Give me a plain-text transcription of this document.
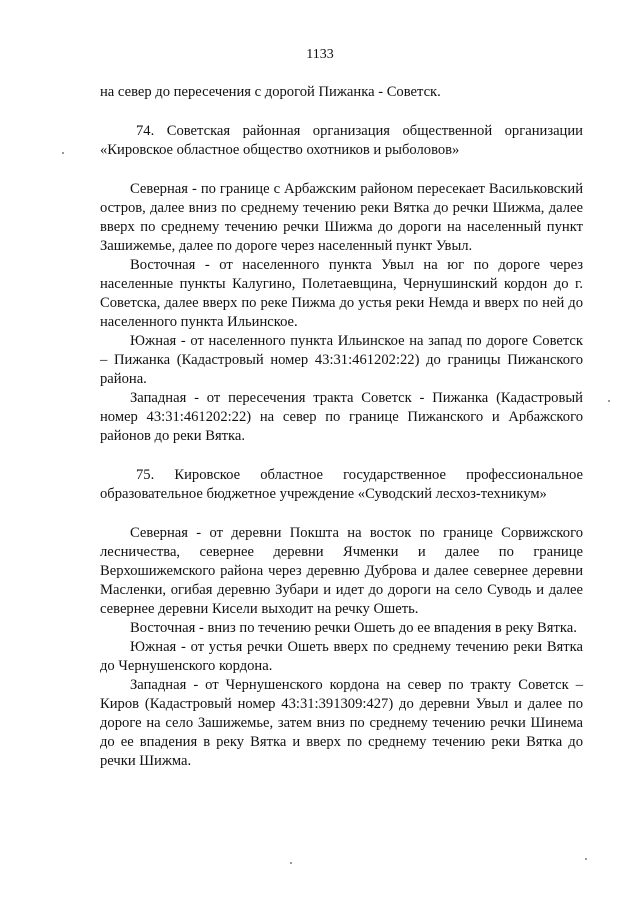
1133

на север до пересечения с дорогой Пижанка - Советск.

74. Советская районная организация общественной организации «Кировское областное общество охотников и рыболовов»

Северная - по границе с Арбажским районом пересекает Васильковский остров, далее вниз по среднему течению реки Вятка до речки Шижма, далее вверх по среднему течению речки Шижма до дороги на населенный пункт Зашижемье, далее по дороге через населенный пункт Увыл.

Восточная - от населенного пункта Увыл на юг по дороге через населенные пункты Калугино, Полетаевщина, Чернушинский кордон до г. Советска, далее вверх по реке Пижма до устья реки Немда и вверх по ней до населенного пункта Ильинское.

Южная - от населенного пункта Ильинское на запад по дороге Советск – Пижанка (Кадастровый номер 43:31:461202:22) до границы Пижанского района.

Западная - от пересечения тракта Советск - Пижанка (Кадастровый номер 43:31:461202:22) на север по границе Пижанского и Арбажского районов до реки Вятка.

75. Кировское областное государственное профессиональное образовательное бюджетное учреждение «Суводский лесхоз-техникум»

Северная - от деревни Покшта на восток по границе Сорвижского лесничества, севернее деревни Ячменки и далее по границе Верхошижемского района через деревню Дуброва и далее севернее деревни Масленки, огибая деревню Зубари и идет до дороги на село Суводь и далее севернее деревни Кисели выходит на речку Ошеть.

Восточная - вниз по течению речки Ошеть до ее впадения в реку Вятка.

Южная - от устья речки Ошеть вверх по среднему течению реки Вятка до Чернушенского кордона.

Западная - от Чернушенского кордона на север по тракту Советск – Киров (Кадастровый номер 43:31:391309:427) до деревни Увыл и далее по дороге на село Зашижемье, затем вниз по среднему течению речки Шинема до ее впадения в реку Вятка и вверх по среднему течению реки Вятка до речки Шижма.
